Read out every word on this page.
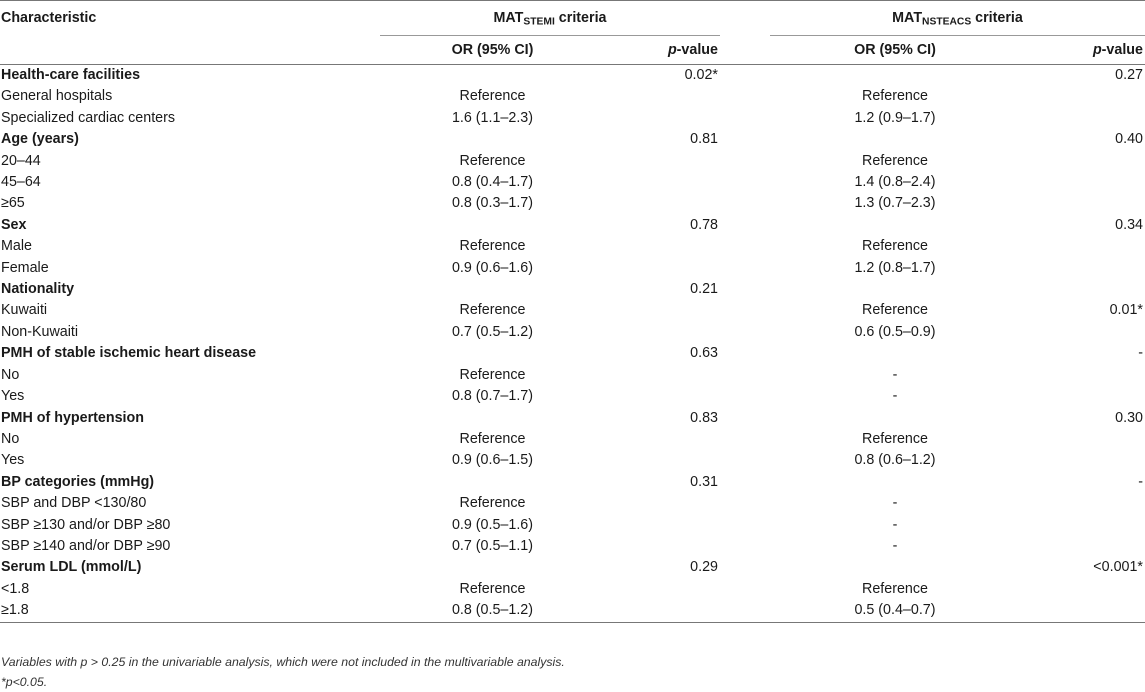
Characteristic	$MAT_{STEMI}$ criteria			$MAT_{NSTEACS}$ criteria	
	OR (95% CI)	p-value		OR (95% CI)	p-value
Health-care facilities		0.02*			0.27
General hospitals	Reference			Reference	
Specialized cardiac centers	1.6 (1.1–2.3)			1.2 (0.9–1.7)	
Age (years)		0.81			0.40
20–44	Reference			Reference	
45–64	0.8 (0.4–1.7)			1.4 (0.8–2.4)	
≥65	0.8 (0.3–1.7)			1.3 (0.7–2.3)	
Sex		0.78			0.34
Male	Reference			Reference	
Female	0.9 (0.6–1.6)			1.2 (0.8–1.7)	
Nationality		0.21			
Kuwaiti	Reference			Reference	0.01*
Non-Kuwaiti	0.7 (0.5–1.2)			0.6 (0.5–0.9)	
PMH of stable ischemic heart disease		0.63			-
No	Reference			-	
Yes	0.8 (0.7–1.7)			-	
PMH of hypertension		0.83			0.30
No	Reference			Reference	
Yes	0.9 (0.6–1.5)			0.8 (0.6–1.2)	
BP categories (mmHg)		0.31			-
SBP and DBP <130/80	Reference			-	
SBP ≥130 and/or DBP ≥80	0.9 (0.5–1.6)			-	
SBP ≥140 and/or DBP ≥90	0.7 (0.5–1.1)			-	
Serum LDL (mmol/L)		0.29			<0.001*
<1.8	Reference			Reference	
≥1.8	0.8 (0.5–1.2)			0.5 (0.4–0.7)	
Variables with p > 0.25 in the univariable analysis, which were not included in the multivariable analysis.
*p<0.05.
